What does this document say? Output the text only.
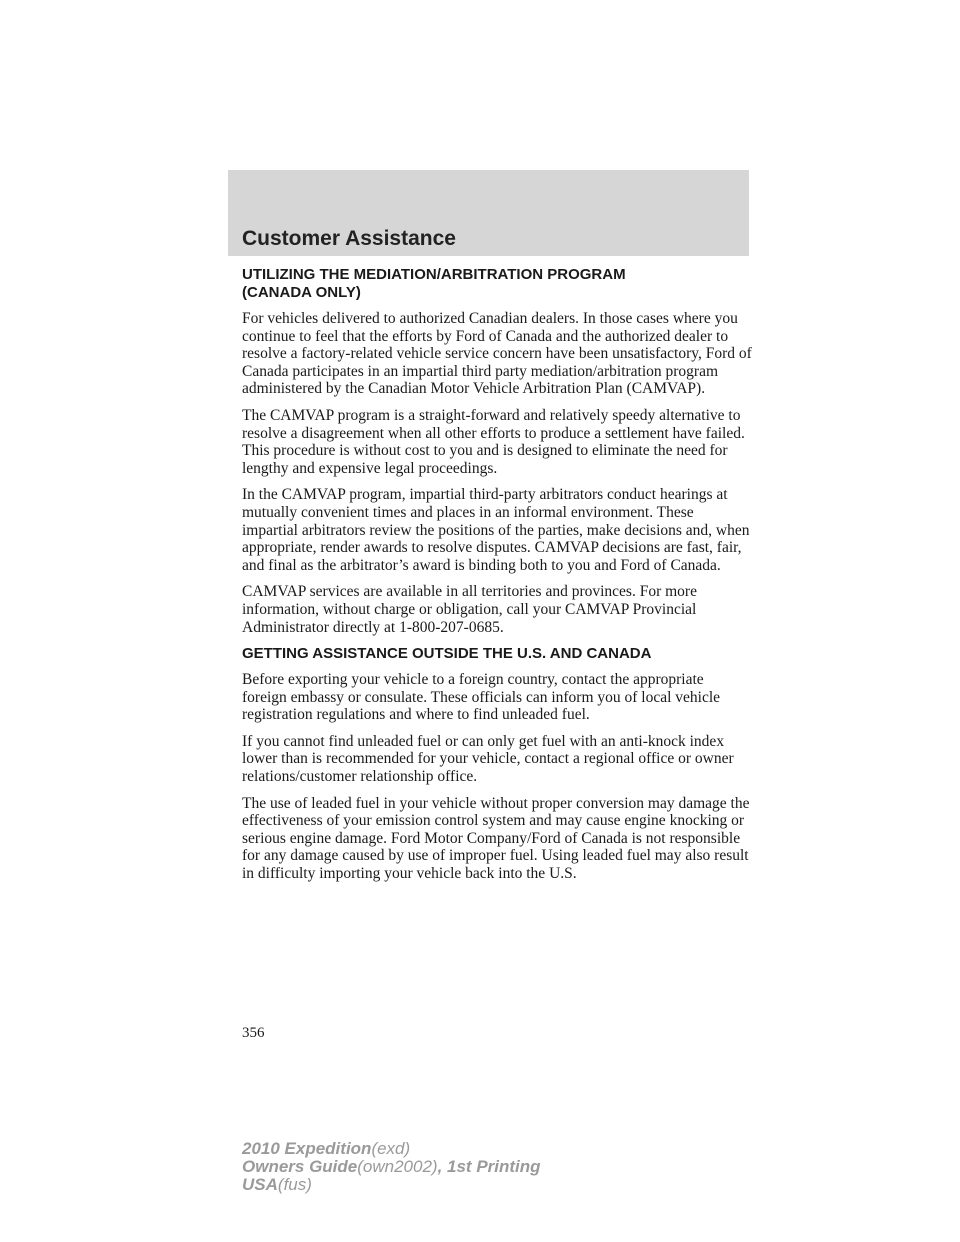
Customer Assistance
UTILIZING THE MEDIATION/ARBITRATION PROGRAM
(CANADA ONLY)

For vehicles delivered to authorized Canadian dealers. In those cases where you continue to feel that the efforts by Ford of Canada and the authorized dealer to resolve a factory-related vehicle service concern have been unsatisfactory, Ford of Canada participates in an impartial third party mediation/arbitration program administered by the Canadian Motor Vehicle Arbitration Plan (CAMVAP).

The CAMVAP program is a straight-forward and relatively speedy alternative to resolve a disagreement when all other efforts to produce a settlement have failed. This procedure is without cost to you and is designed to eliminate the need for lengthy and expensive legal proceedings.

In the CAMVAP program, impartial third-party arbitrators conduct hearings at mutually convenient times and places in an informal environment. These impartial arbitrators review the positions of the parties, make decisions and, when appropriate, render awards to resolve disputes. CAMVAP decisions are fast, fair, and final as the arbitrator’s award is binding both to you and Ford of Canada.

CAMVAP services are available in all territories and provinces. For more information, without charge or obligation, call your CAMVAP Provincial Administrator directly at 1-800-207-0685.

GETTING ASSISTANCE OUTSIDE THE U.S. AND CANADA

Before exporting your vehicle to a foreign country, contact the appropriate foreign embassy or consulate. These officials can inform you of local vehicle registration regulations and where to find unleaded fuel.

If you cannot find unleaded fuel or can only get fuel with an anti-knock index lower than is recommended for your vehicle, contact a regional office or owner relations/customer relationship office.

The use of leaded fuel in your vehicle without proper conversion may damage the effectiveness of your emission control system and may cause engine knocking or serious engine damage. Ford Motor Company/Ford of Canada is not responsible for any damage caused by use of improper fuel. Using leaded fuel may also result in difficulty importing your vehicle back into the U.S.

356

2010 Expedition(exd)
Owners Guide(own2002), 1st Printing
USA(fus)
